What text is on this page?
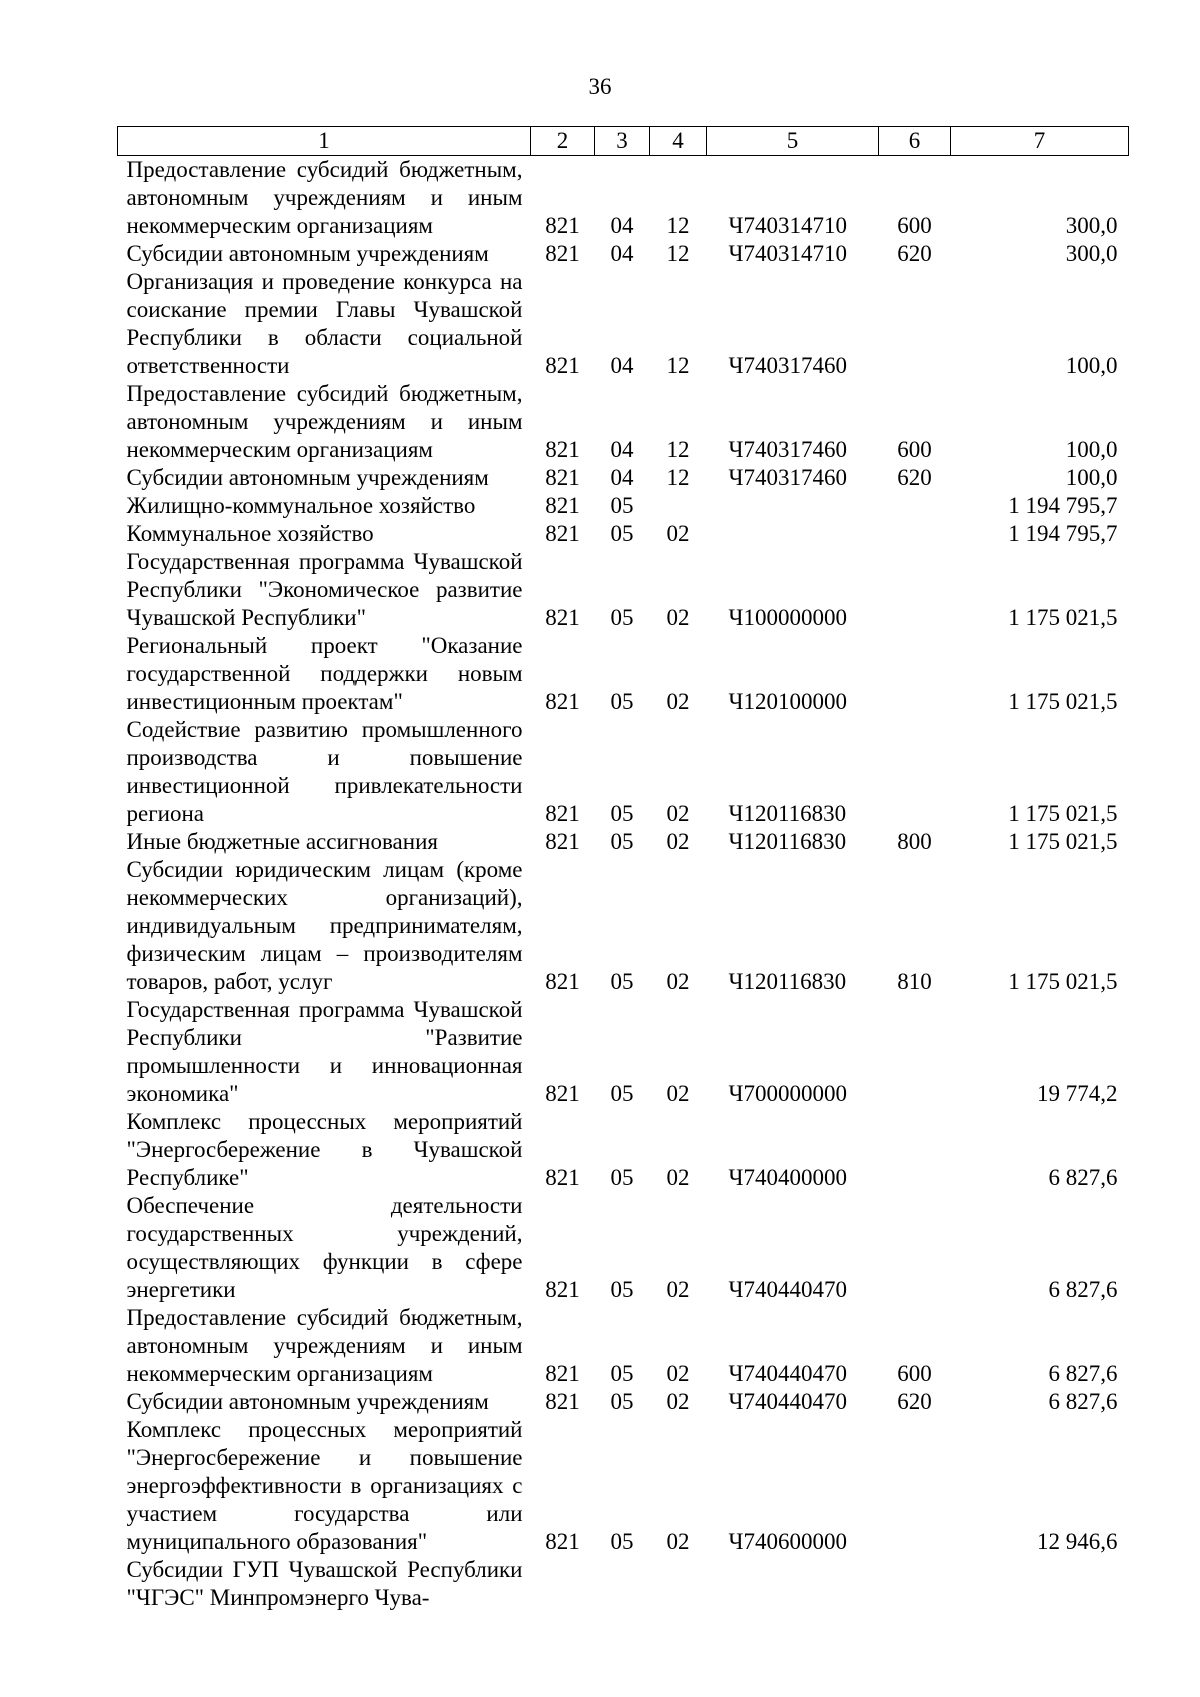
36
1	2	3	4	5	6	7
Предоставление субсидий бюджетным, автономным учреждениям и иным некоммерческим организациям	821	04	12	Ч740314710	600	300,0
Субсидии автономным учреждениям	821	04	12	Ч740314710	620	300,0
Организация и проведение конкурса на соискание премии Главы Чувашской Республики в области социальной ответственности	821	04	12	Ч740317460		100,0
Предоставление субсидий бюджетным, автономным учреждениям и иным некоммерческим организациям	821	04	12	Ч740317460	600	100,0
Субсидии автономным учреждениям	821	04	12	Ч740317460	620	100,0
Жилищно-коммунальное хозяйство	821	05				1 194 795,7
Коммунальное хозяйство	821	05	02			1 194 795,7
Государственная программа Чувашской Республики "Экономическое развитие Чувашской Республики"	821	05	02	Ч100000000		1 175 021,5
Региональный проект "Оказание государственной поддержки новым инвестиционным проектам"	821	05	02	Ч120100000		1 175 021,5
Содействие развитию промышленного производства и повышение инвестиционной привлекательности региона	821	05	02	Ч120116830		1 175 021,5
Иные бюджетные ассигнования	821	05	02	Ч120116830	800	1 175 021,5
Субсидии юридическим лицам (кроме некоммерческих организаций), индивидуальным предпринимателям, физическим лицам – производителям товаров, работ, услуг	821	05	02	Ч120116830	810	1 175 021,5
Государственная программа Чувашской Республики "Развитие промышленности и инновационная экономика"	821	05	02	Ч700000000		19 774,2
Комплекс процессных мероприятий "Энергосбережение в Чувашской Республике"	821	05	02	Ч740400000		6 827,6
Обеспечение деятельности государственных учреждений, осуществляющих функции в сфере энергетики	821	05	02	Ч740440470		6 827,6
Предоставление субсидий бюджетным, автономным учреждениям и иным некоммерческим организациям	821	05	02	Ч740440470	600	6 827,6
Субсидии автономным учреждениям	821	05	02	Ч740440470	620	6 827,6
Комплекс процессных мероприятий "Энергосбережение и повышение энергоэффективности в организациях с участием государства или муниципального образования"	821	05	02	Ч740600000		12 946,6
Субсидии ГУП Чувашской Республики "ЧГЭС" Минпромэнерго Чува-						
